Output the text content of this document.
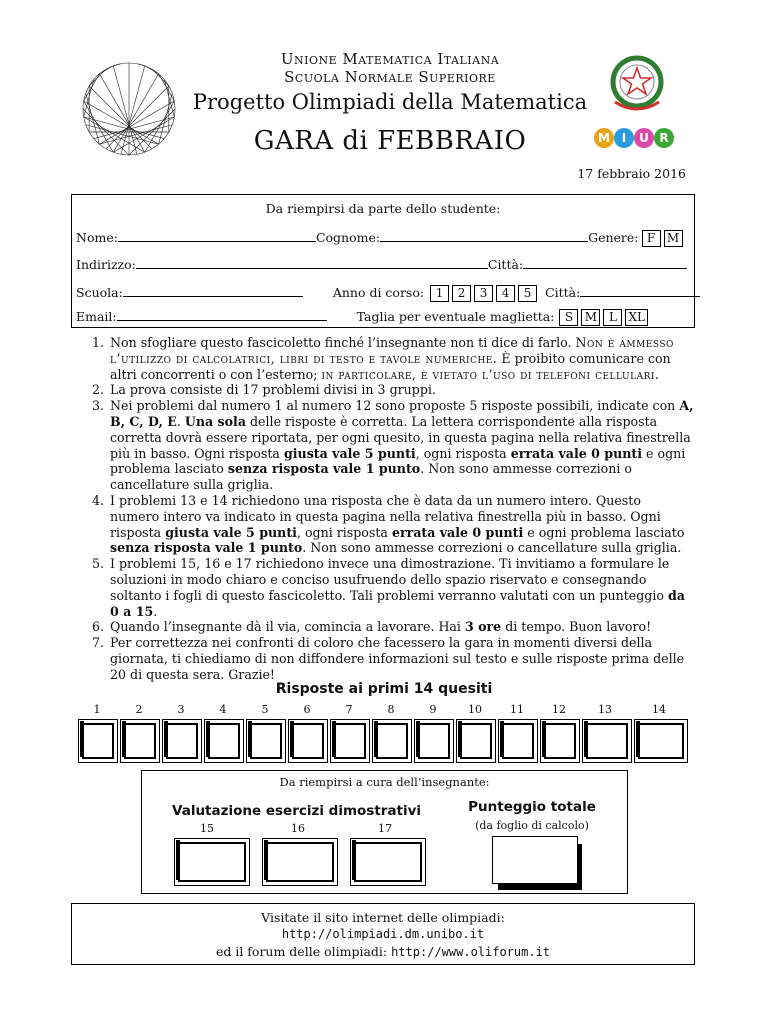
Unione Matematica Italiana
Scuola Normale Superiore
Progetto Olimpiadi della Matematica
GARA di FEBBRAIO	M I	U R
17 febbraio 2016
Da riempirsi da parte dello studente:
Nome:	Cognome:	Genere: F M
Indirizzo:	Città:
Scuola:	Anno di corso: 1 2 3 4 5 Città:
Email:	Taglia per eventuale maglietta: S M L XL
1. Non sfogliare questo fascicoletto finché l’insegnante non ti dice di farlo. Non è ammesso l’utilizzo di calcolatrici, libri di testo e tavole numeriche. È proibito comunicare con altri concorrenti o con l’esterno; in particolare, è vietato l’uso di telefoni cellulari.
2. La prova consiste di 17 problemi divisi in 3 gruppi.
3. Nei problemi dal numero 1 al numero 12 sono proposte 5 risposte possibili, indicate con A, B, C, D, E. Una sola delle risposte è corretta. La lettera corrispondente alla risposta corretta dovrà essere riportata, per ogni quesito, in questa pagina nella relativa finestrella più in basso. Ogni risposta giusta vale 5 punti, ogni risposta errata vale 0 punti e ogni problema lasciato senza risposta vale 1 punto. Non sono ammesse correzioni o cancellature sulla griglia.
4. I problemi 13 e 14 richiedono una risposta che è data da un numero intero. Questo numero intero va indicato in questa pagina nella relativa finestrella più in basso. Ogni risposta giusta vale 5 punti, ogni risposta errata vale 0 punti e ogni problema lasciato senza risposta vale 1 punto. Non sono ammesse correzioni o cancellature sulla griglia.
5. I problemi 15, 16 e 17 richiedono invece una dimostrazione. Ti invitiamo a formulare le soluzioni in modo chiaro e conciso usufruendo dello spazio riservato e consegnando soltanto i fogli di questo fascicoletto. Tali problemi verranno valutati con un punteggio da 0 a 15.
6. Quando l’insegnante dà il via, comincia a lavorare. Hai 3 ore di tempo. Buon lavoro!
7. Per correttezza nei confronti di coloro che facessero la gara in momenti diversi della giornata, ti chiediamo di non diffondere informazioni sul testo e sulle risposte prima delle 20 di questa sera. Grazie!
Risposte ai primi 14 quesiti
1	2	3	4	5	6	7	8	9	10	11	12	13	14
Da riempirsi a cura dell’insegnante:
Valutazione esercizi dimostrativi
15	16	17
Punteggio totale
(da foglio di calcolo)
Visitate il sito internet delle olimpiadi:
http://olimpiadi.dm.unibo.it
ed il forum delle olimpiadi: http://www.oliforum.it
